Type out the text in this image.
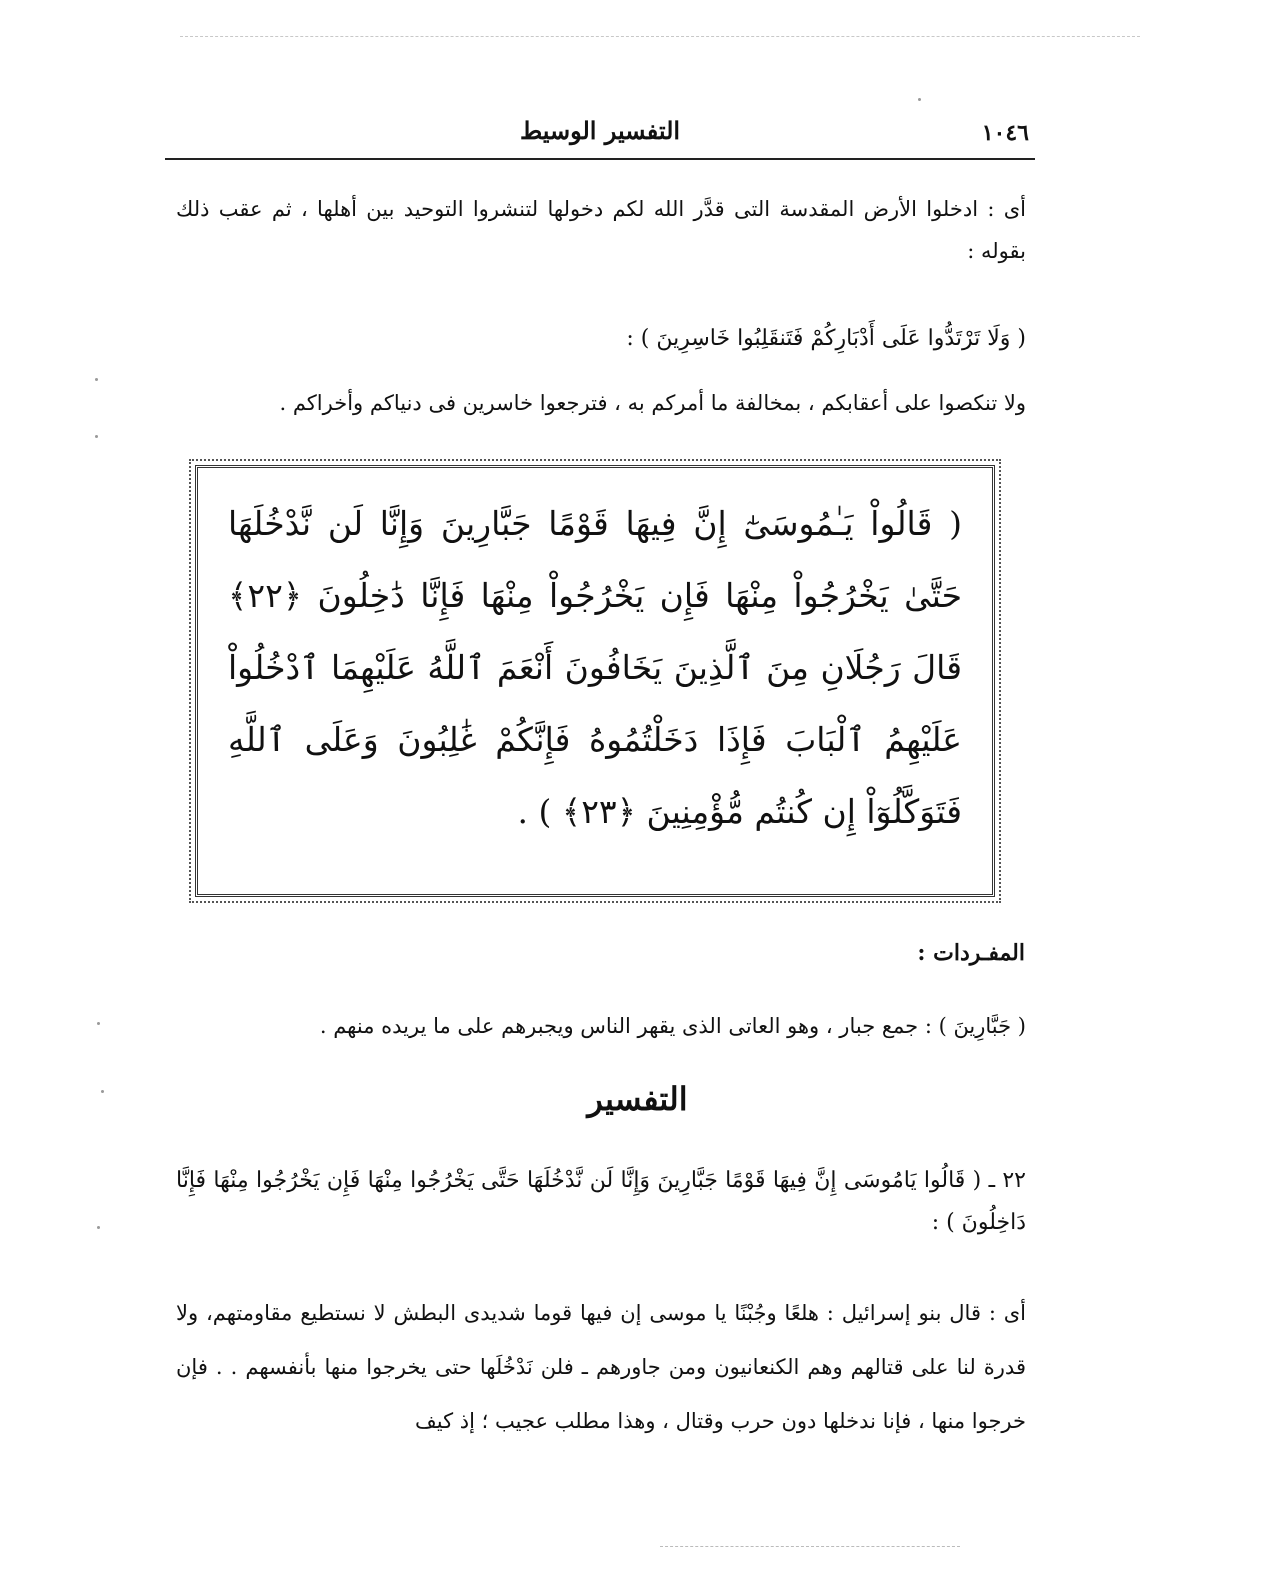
١٠٤٦
التفسير الوسيط
أى : ادخلوا الأرض المقدسة التى قدَّر الله لكم دخولها لتنشروا التوحيد بين أهلها ، ثم عقب ذلك بقوله :
( وَلَا تَرْتَدُّوا عَلَى أَدْبَارِكُمْ فَتَنقَلِبُوا خَاسِرِينَ ) :
ولا تنكصوا على أعقابكم ، بمخالفة ما أمركم به ، فترجعوا خاسرين فى دنياكم وأخراكم .
( قَالُواْ يَـٰمُوسَىٰٓ إِنَّ فِيهَا قَوْمًا جَبَّارِينَ وَإِنَّا لَن نَّدْخُلَهَا حَتَّىٰ يَخْرُجُواْ مِنْهَا فَإِن يَخْرُجُواْ مِنْهَا فَإِنَّا دَٰخِلُونَ ﴿٢٢﴾ قَالَ رَجُلَانِ مِنَ ٱلَّذِينَ يَخَافُونَ أَنْعَمَ ٱللَّهُ عَلَيْهِمَا ٱدْخُلُواْ عَلَيْهِمُ ٱلْبَابَ فَإِذَا دَخَلْتُمُوهُ فَإِنَّكُمْ غَٰلِبُونَ وَعَلَى ٱللَّهِ فَتَوَكَّلُوٓاْ إِن كُنتُم مُّؤْمِنِينَ ﴿٢٣﴾ ) .
المفـردات :
( جَبَّارِينَ ) : جمع جبار ، وهو العاتى الذى يقهر الناس ويجبرهم على ما يريده منهم .
التفسير
٢٢ ـ ( قَالُوا يَامُوسَى إِنَّ فِيهَا قَوْمًا جَبَّارِينَ وَإِنَّا لَن نَّدْخُلَهَا حَتَّى يَخْرُجُوا مِنْهَا فَإِن يَخْرُجُوا مِنْهَا فَإِنَّا دَاخِلُونَ ) :
أى : قال بنو إسرائيل : هلعًا وجُبْنًا يا موسى إن فيها قوما شديدى البطش لا نستطيع مقاومتهم، ولا قدرة لنا على قتالهم وهم الكنعانيون ومن جاورهم ـ فلن نَدْخُلَها حتى يخرجوا منها بأنفسهم . . فإن خرجوا منها ، فإنا ندخلها دون حرب وقتال ، وهذا مطلب عجيب ؛ إذ كيف
